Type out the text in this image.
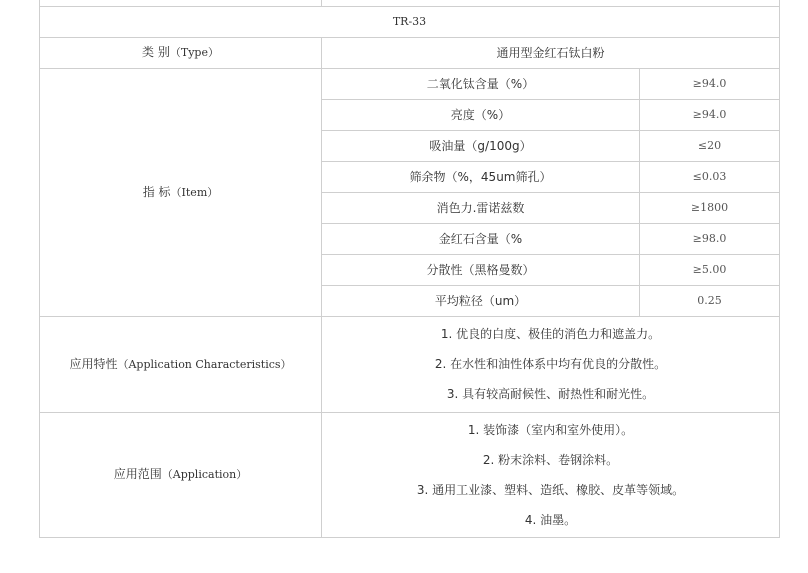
TR-33		
类 别（Type）	通用型金红石钛白粉	
指 标（Item）	二氧化钛含量（%）	≥94.0
	亮度（%）	≥94.0
	吸油量（g/100g）	≤20
	筛余物（%，45um筛孔）	≤0.03
	消色力.雷诺兹数	≥1800
	金红石含量（%	≥98.0
	分散性（黑格曼数）	≥5.00
	平均粒径（um）	0.25
应用特性（Application Characteristics）	1. 优良的白度、极佳的消色力和遮盖力。
2. 在水性和油性体系中均有优良的分散性。
3. 具有较高耐候性、耐热性和耐光性。	

应用范围（Application）	1. 装饰漆（室内和室外使用）。
2. 粉末涂料、卷钢涂料。
3. 通用工业漆、塑料、造纸、橡胶、皮革等领域。
4. 油墨。	
